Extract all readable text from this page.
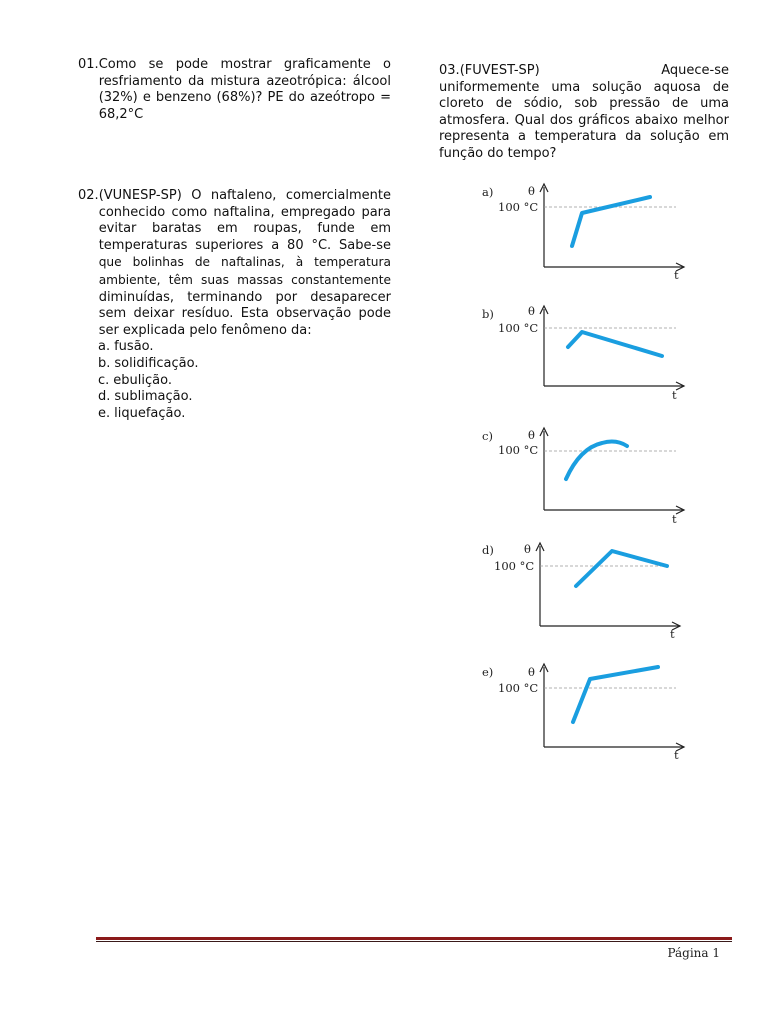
01. Como se pode mostrar graficamente o resfriamento da mistura azeotrópica: álcool (32%) e benzeno (68%)? PE do azeótropo = 68,2°C
02. (VUNESP-SP) O naftaleno, comercialmente conhecido como naftalina, empregado para evitar baratas em roupas, funde em temperaturas superiores a 80 °C. Sabe-se que bolinhas de naftalinas, à temperatura ambiente, têm suas massas constantemente diminuídas, terminando por desaparecer sem deixar resíduo. Esta observação pode ser explicada pelo fenômeno da:
a. fusão.
b. solidificação.
c. ebulição.
d. sublimação.
e. liquefação.
03.(FUVEST-SP)	Aquece-se
uniformemente uma solução aquosa de cloreto de sódio, sob pressão de uma atmosfera. Qual dos gráficos abaixo melhor representa a temperatura da solução em função do tempo?
a)	θ
100 °C
t
b)	θ
100 °C
t
c)	θ
100 °C
t
d)	θ
100 °C
t
e)	θ
100 °C
t
Página 1
